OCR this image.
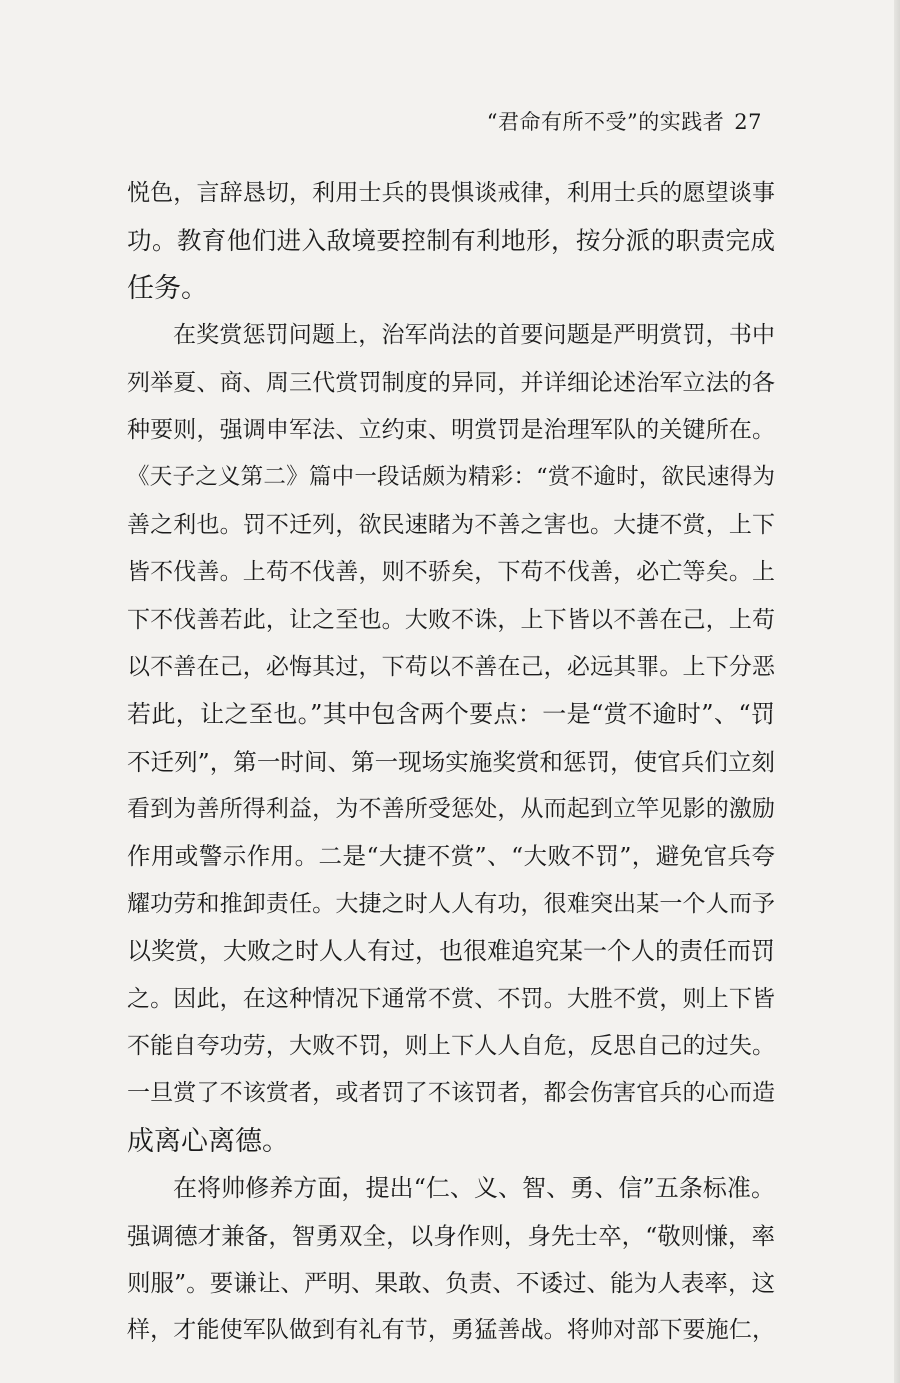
“君命有所不受”的实践者 27
悦色，言辞恳切，利用士兵的畏惧谈戒律，利用士兵的愿望谈事
功。教育他们进入敌境要控制有利地形，按分派的职责完成
任务。
在奖赏惩罚问题上，治军尚法的首要问题是严明赏罚，书中
列举夏、商、周三代赏罚制度的异同，并详细论述治军立法的各
种要则，强调申军法、立约束、明赏罚是治理军队的关键所在。
《天子之义第二》篇中一段话颇为精彩：“赏不逾时，欲民速得为
善之利也。罚不迁列，欲民速睹为不善之害也。大捷不赏，上下
皆不伐善。上苟不伐善，则不骄矣，下苟不伐善，必亡等矣。上
下不伐善若此，让之至也。大败不诛，上下皆以不善在己，上苟
以不善在己，必悔其过，下苟以不善在己，必远其罪。上下分恶
若此，让之至也。”其中包含两个要点：一是“赏不逾时”、“罚
不迁列”，第一时间、第一现场实施奖赏和惩罚，使官兵们立刻
看到为善所得利益，为不善所受惩处，从而起到立竿见影的激励
作用或警示作用。二是“大捷不赏”、“大败不罚”，避免官兵夸
耀功劳和推卸责任。大捷之时人人有功，很难突出某一个人而予
以奖赏，大败之时人人有过，也很难追究某一个人的责任而罚
之。因此，在这种情况下通常不赏、不罚。大胜不赏，则上下皆
不能自夸功劳，大败不罚，则上下人人自危，反思自己的过失。
一旦赏了不该赏者，或者罚了不该罚者，都会伤害官兵的心而造
成离心离德。
在将帅修养方面，提出“仁、义、智、勇、信”五条标准。
强调德才兼备，智勇双全，以身作则，身先士卒，“敬则慊，率
则服”。要谦让、严明、果敢、负责、不诿过、能为人表率，这
样，才能使军队做到有礼有节，勇猛善战。将帅对部下要施仁，
